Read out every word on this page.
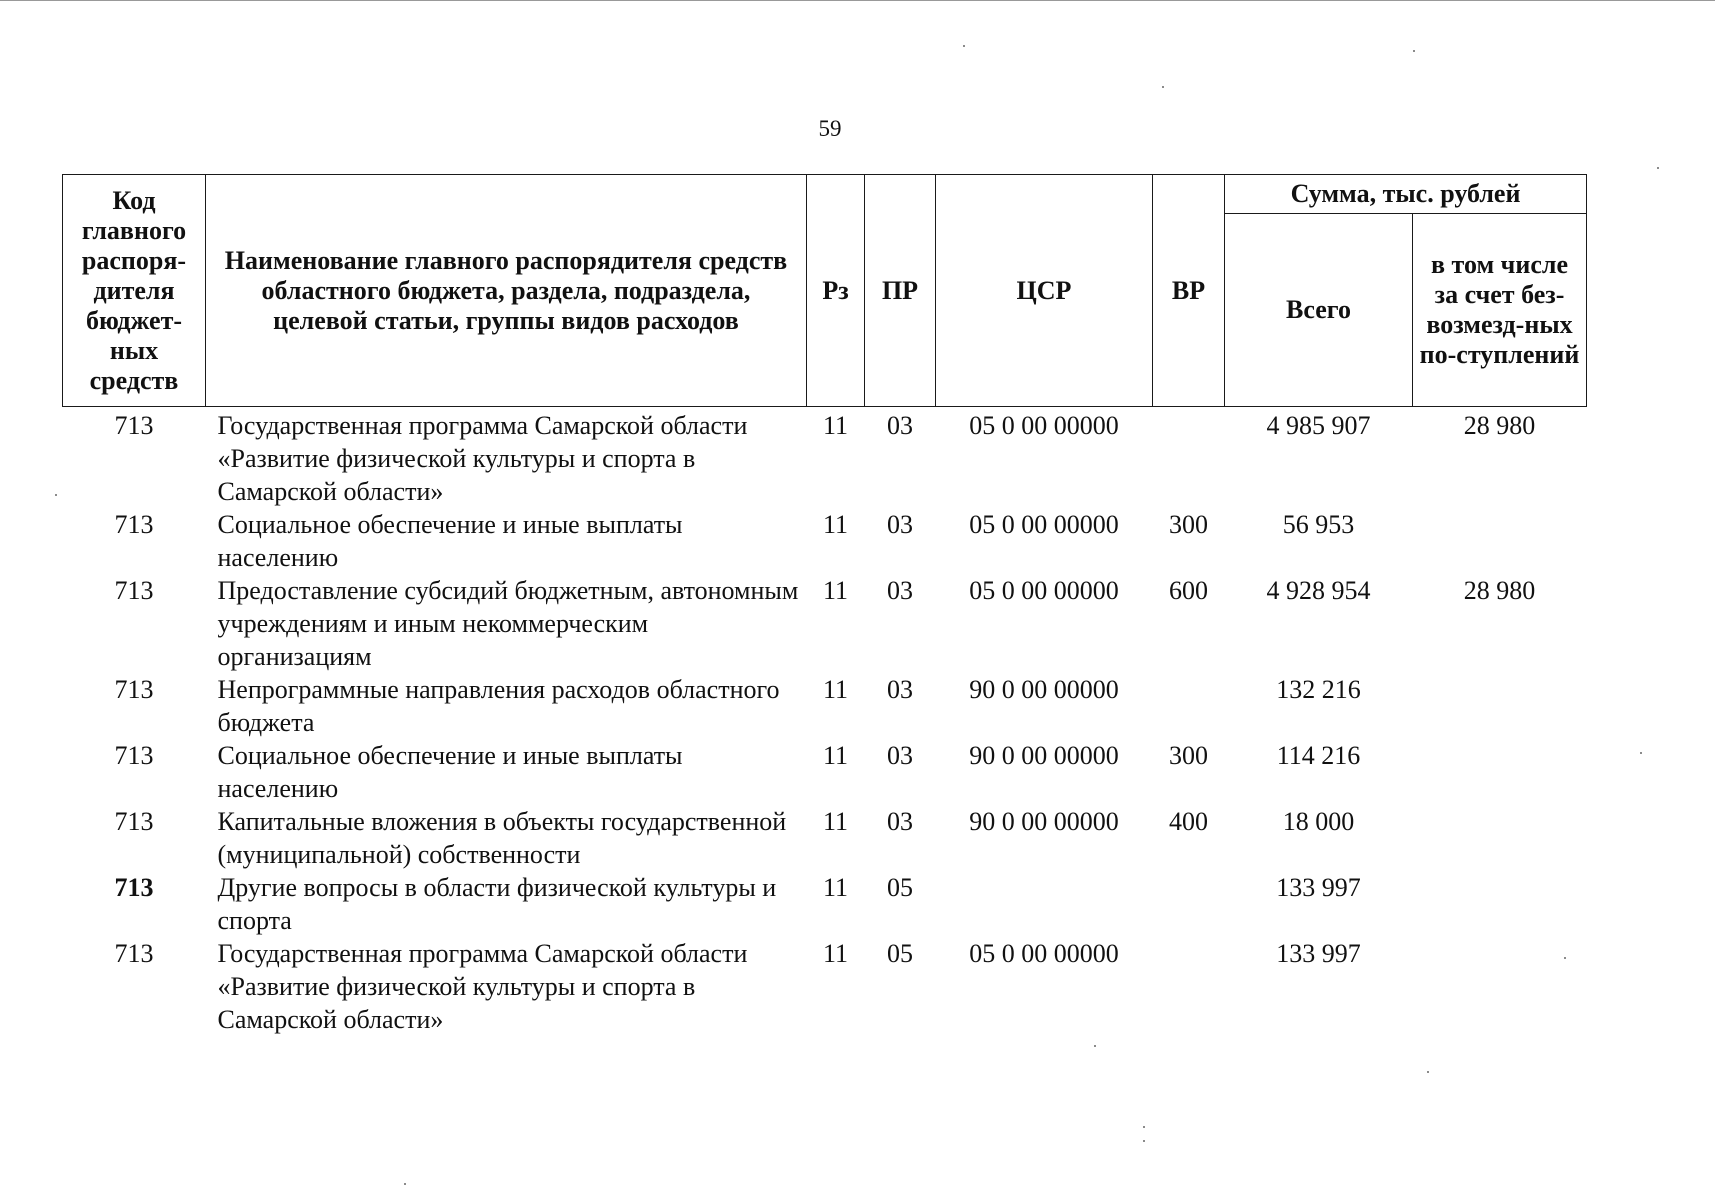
59
Код главного распоря-дителя бюджет-ных средств	Наименование главного распорядителя средств областного бюджета, раздела, подраздела, целевой статьи, группы видов расходов	Рз	ПР	ЦСР	ВР	Сумма, тыс. рублей	
						Всего	в том числе за счет без-возмезд-ных по-ступлений
713	Государственная программа Самарской области «Развитие физической культуры и спорта в Самарской области»	11	03	05 0 00 00000		4 985 907	28 980
713	Социальное обеспечение и иные выплаты населению	11	03	05 0 00 00000	300	56 953	
713	Предоставление субсидий бюджетным, автономным учреждениям и иным некоммерческим организациям	11	03	05 0 00 00000	600	4 928 954	28 980
713	Непрограммные направления расходов областного бюджета	11	03	90 0 00 00000		132 216	
713	Социальное обеспечение и иные выплаты населению	11	03	90 0 00 00000	300	114 216	
713	Капитальные вложения в объекты государственной (муниципальной) собственности	11	03	90 0 00 00000	400	18 000	
713	Другие вопросы в области физической культуры и спорта	11	05			133 997	
713	Государственная программа Самарской области «Развитие физической культуры и спорта в Самарской области»	11	05	05 0 00 00000		133 997	
